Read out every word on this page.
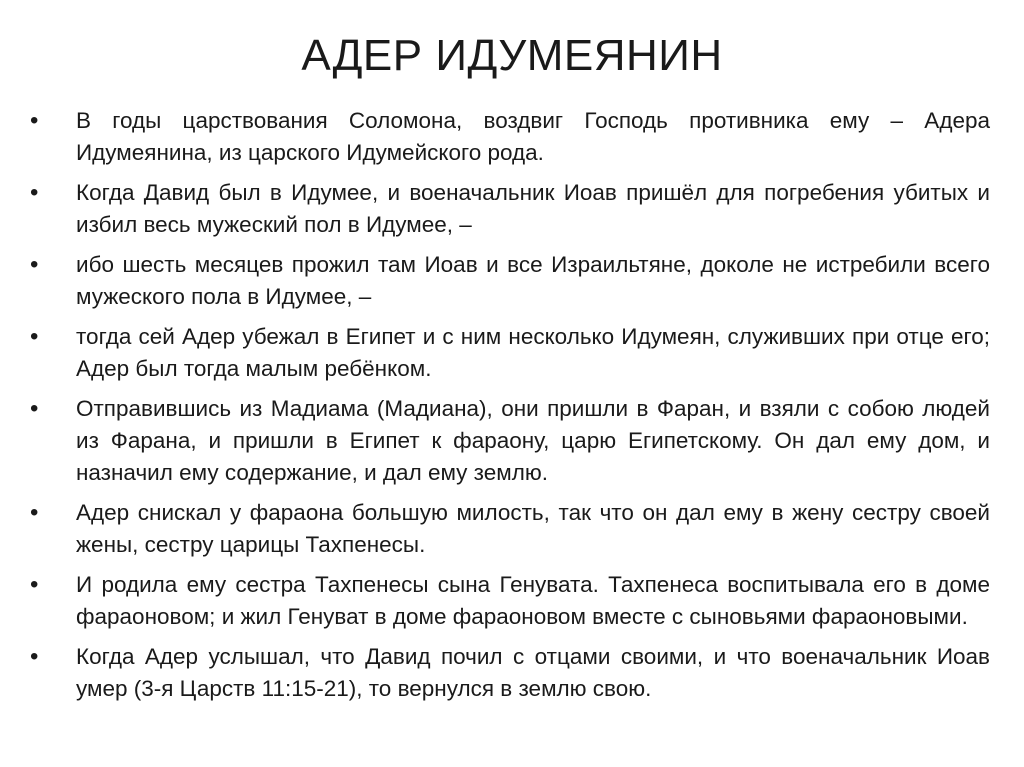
АДЕР ИДУМЕЯНИН
•	В годы царствования Соломона, воздвиг Господь противника ему – Адера Идумеянина, из царского Идумейского рода.
•	Когда Давид был в Идумее, и военачальник Иоав пришёл для погребения убитых и избил весь мужеский пол в Идумее, –
•	ибо шесть месяцев прожил там Иоав и все Израильтяне, доколе не истребили всего мужеского пола в Идумее, –
•	тогда сей Адер убежал в Египет и с ним несколько Идумеян, служивших при отце его; Адер был тогда малым ребёнком.
•	Отправившись из Мадиама (Мадиана), они пришли в Фаран, и взяли с собою людей из Фарана, и пришли в Египет к фараону, царю Египетскому. Он дал ему дом, и назначил ему содержание, и дал ему землю.
•	Адер снискал у фараона большую милость, так что он дал ему в жену сестру своей жены, сестру царицы Тахпенесы.
•	И родила ему сестра Тахпенесы сына Генувата. Тахпенеса воспитывала его в доме фараоновом; и жил Генуват в доме фараоновом вместе с сыновьями фараоновыми.
•	Когда Адер услышал, что Давид почил с отцами своими, и что военачальник Иоав умер (3-я Царств 11:15-21), то вернулся в землю свою.
